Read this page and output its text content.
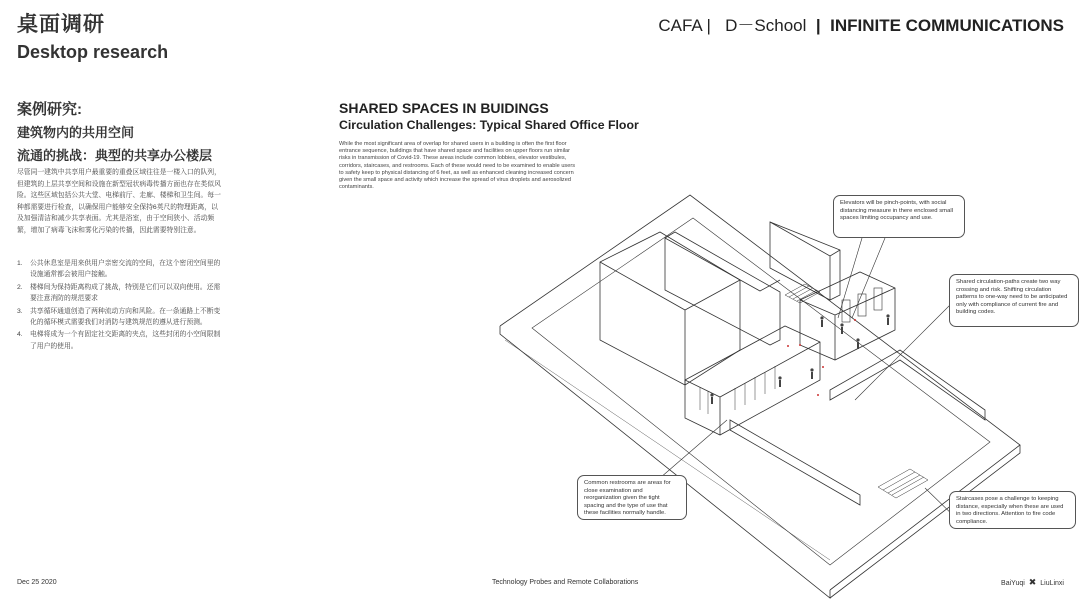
桌面调研
Desktop research
CAFA | D－School | INFINITE COMMUNICATIONS
案例研究:
建筑物内的共用空间
流通的挑战：典型的共享办公楼层
尽管同一建筑中共享用户最重要的重叠区域往往是一楼入口的队列，但建筑的上层共享空间和设施在新型冠状病毒传播方面也存在类似风险。这些区域包括公共大堂、电梯前厅、走廊、楼梯和卫生间。每一种都需要进行检查，以确保用户能够安全保持6英尺的物理距离，以及加强清洁和减少共享表面。尤其是浴室，由于空间狭小、活动频繁，增加了病毒飞沫和雾化污染的传播，因此需要特别注意。
1. 公共休息室是用来供用户亲密交流的空间，在这个密闭空间里的设施通常都会被用户接触。
2. 楼梯间为保持距离构成了挑战，特别是它们可以双向使用。还需要注意消防的规范要求
3. 共享循环通道创造了两种流动方向和风险。在一条通路上不断变化的循环模式需要我们对消防与建筑规范的遵从进行预测。
4. 电梯将成为一个有固定社交距离的夹点，这些封闭的小空间限制了用户的使用。
SHARED SPACES IN BUIDINGS
Circulation Challenges: Typical Shared Office Floor
While the most significant area of overlap for shared users in a building is often the first floor entrance sequence, buildings that have shared space and facilities on upper floors run similar risks in transmission of Covid-19. These areas include common lobbies, elevator vestibules, corridors, staircases, and restrooms. Each of these would need to be examined to enable users to safety keep to physical distancing of 6 feet, as well as enhanced cleaning increased concern given the small space and activity which increase the spread of virus droplets and aerosolized contaminants.
Elevators will be pinch-points, with social distancing measure in there enclosed small spaces limiting occupancy and use.
Shared circulation-paths create two way crossing and risk. Shifting circulation patterns to one-way need to be anticipated only with compliance of current fire and building codes.
Common restrooms are areas for close examination and reorganization given the tight spacing and the type of use that these facilities normally handle.
Staircases pose a challenge to keeping distance, especially when these are used in two directions. Attention to fire code compliance.
Dec 25 2020	Technology Probes and Remote Collaborations	BaiYuqi ✖ LiuLinxi
